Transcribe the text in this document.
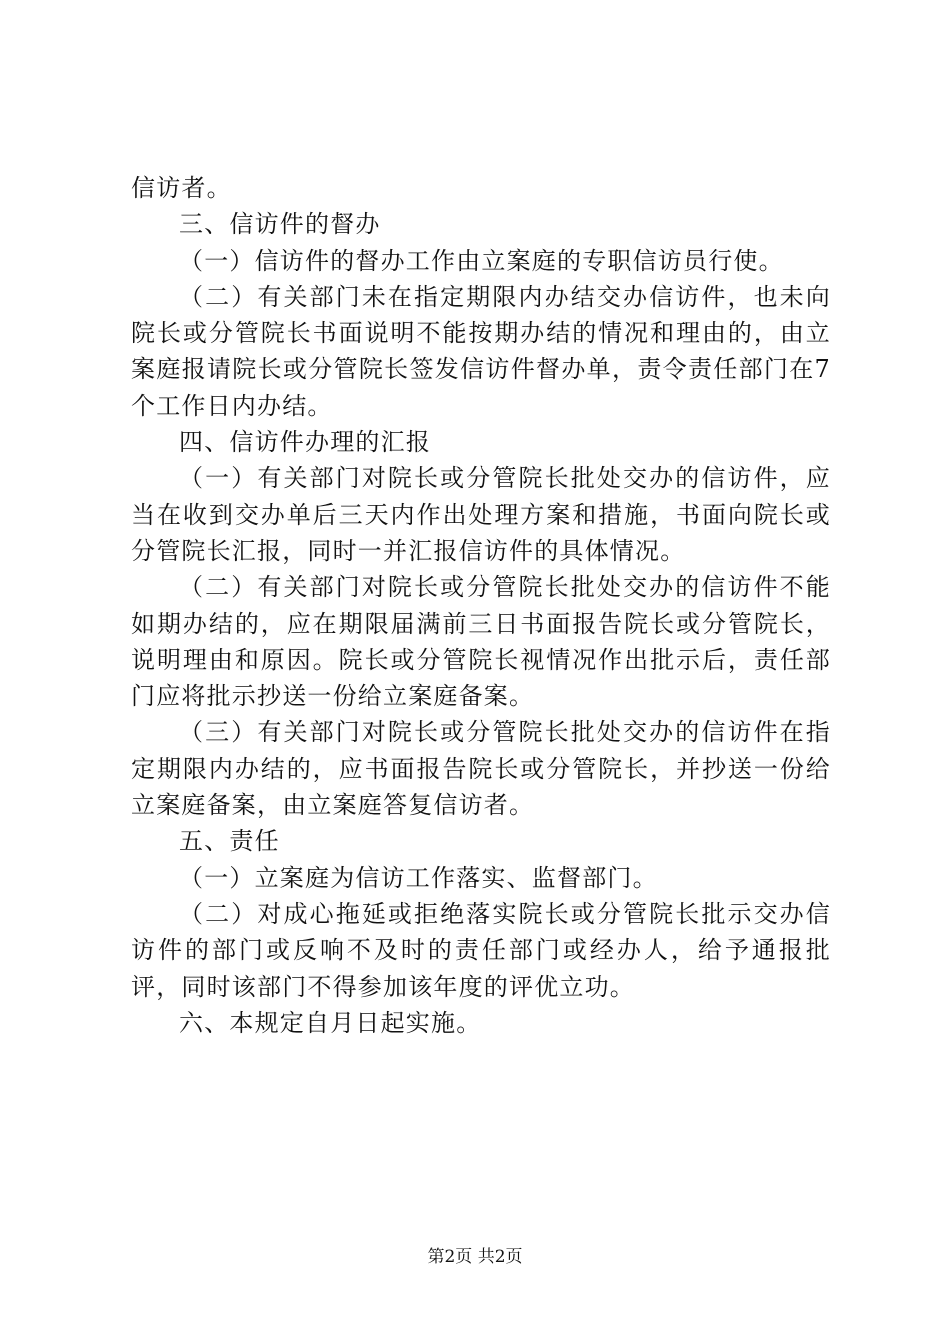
信访者。

三、信访件的督办

（一）信访件的督办工作由立案庭的专职信访员行使。

（二）有关部门未在指定期限内办结交办信访件，也未向院长或分管院长书面说明不能按期办结的情况和理由的，由立案庭报请院长或分管院长签发信访件督办单，责令责任部门在7个工作日内办结。

四、信访件办理的汇报

（一）有关部门对院长或分管院长批处交办的信访件，应当在收到交办单后三天内作出处理方案和措施，书面向院长或分管院长汇报，同时一并汇报信访件的具体情况。

（二）有关部门对院长或分管院长批处交办的信访件不能如期办结的，应在期限届满前三日书面报告院长或分管院长，说明理由和原因。院长或分管院长视情况作出批示后，责任部门应将批示抄送一份给立案庭备案。

（三）有关部门对院长或分管院长批处交办的信访件在指定期限内办结的，应书面报告院长或分管院长，并抄送一份给立案庭备案，由立案庭答复信访者。

五、责任

（一）立案庭为信访工作落实、监督部门。

（二）对成心拖延或拒绝落实院长或分管院长批示交办信访件的部门或反响不及时的责任部门或经办人，给予通报批评，同时该部门不得参加该年度的评优立功。

六、本规定自月日起实施。

第2页 共2页
